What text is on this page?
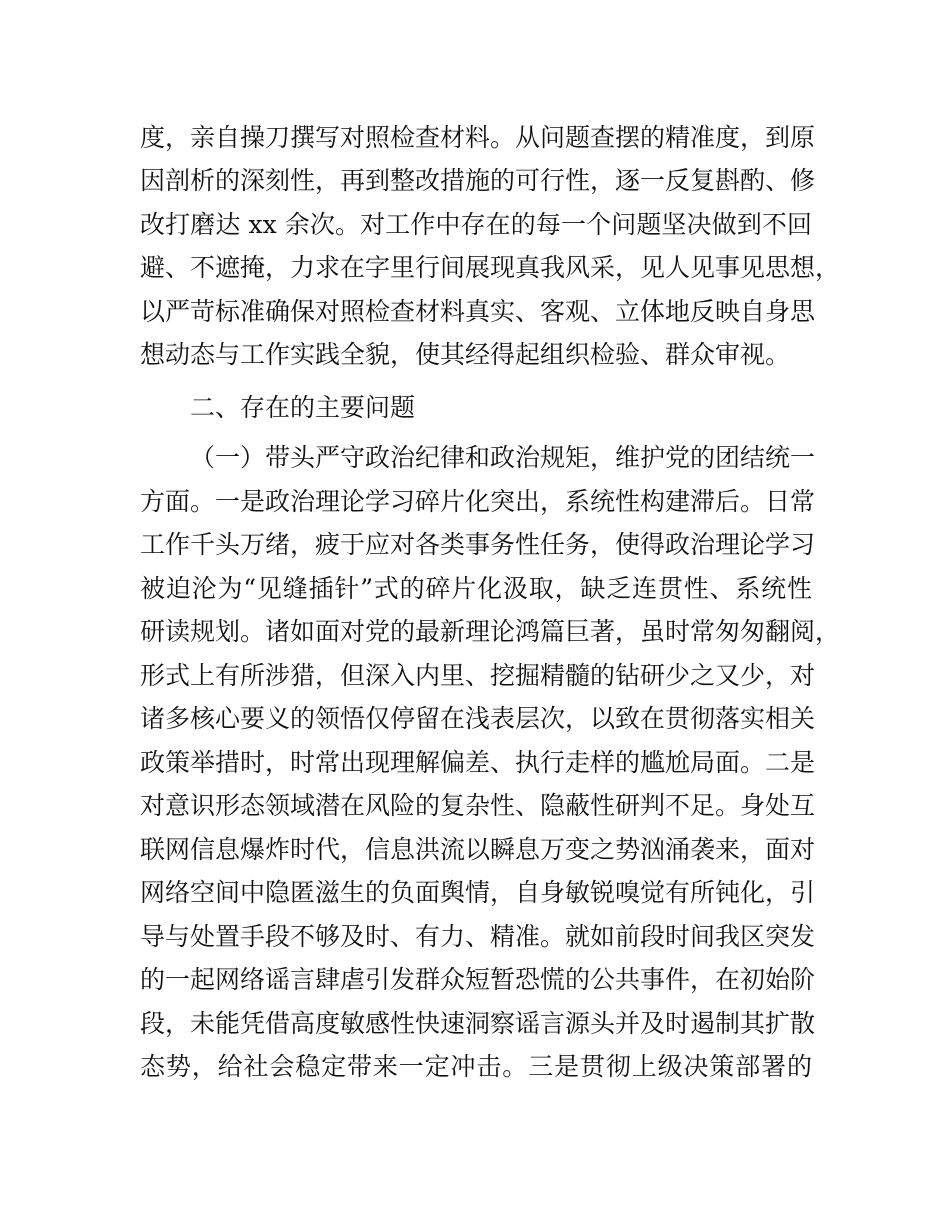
度，亲自操刀撰写对照检查材料。从问题查摆的精准度，到原
因剖析的深刻性，再到整改措施的可行性，逐一反复斟酌、修
改打磨达 xx 余次。对工作中存在的每一个问题坚决做到不回
避、不遮掩，力求在字里行间展现真我风采，见人见事见思想，
以严苛标准确保对照检查材料真实、客观、立体地反映自身思
想动态与工作实践全貌，使其经得起组织检验、群众审视。
二、存在的主要问题
（一）带头严守政治纪律和政治规矩，维护党的团结统一
方面。一是政治理论学习碎片化突出，系统性构建滞后。日常
工作千头万绪，疲于应对各类事务性任务，使得政治理论学习
被迫沦为“见缝插针”式的碎片化汲取，缺乏连贯性、系统性
研读规划。诸如面对党的最新理论鸿篇巨著，虽时常匆匆翻阅，
形式上有所涉猎，但深入内里、挖掘精髓的钻研少之又少，对
诸多核心要义的领悟仅停留在浅表层次，以致在贯彻落实相关
政策举措时，时常出现理解偏差、执行走样的尴尬局面。二是
对意识形态领域潜在风险的复杂性、隐蔽性研判不足。身处互
联网信息爆炸时代，信息洪流以瞬息万变之势汹涌袭来，面对
网络空间中隐匿滋生的负面舆情，自身敏锐嗅觉有所钝化，引
导与处置手段不够及时、有力、精准。就如前段时间我区突发
的一起网络谣言肆虐引发群众短暂恐慌的公共事件，在初始阶
段，未能凭借高度敏感性快速洞察谣言源头并及时遏制其扩散
态势，给社会稳定带来一定冲击。三是贯彻上级决策部署的
